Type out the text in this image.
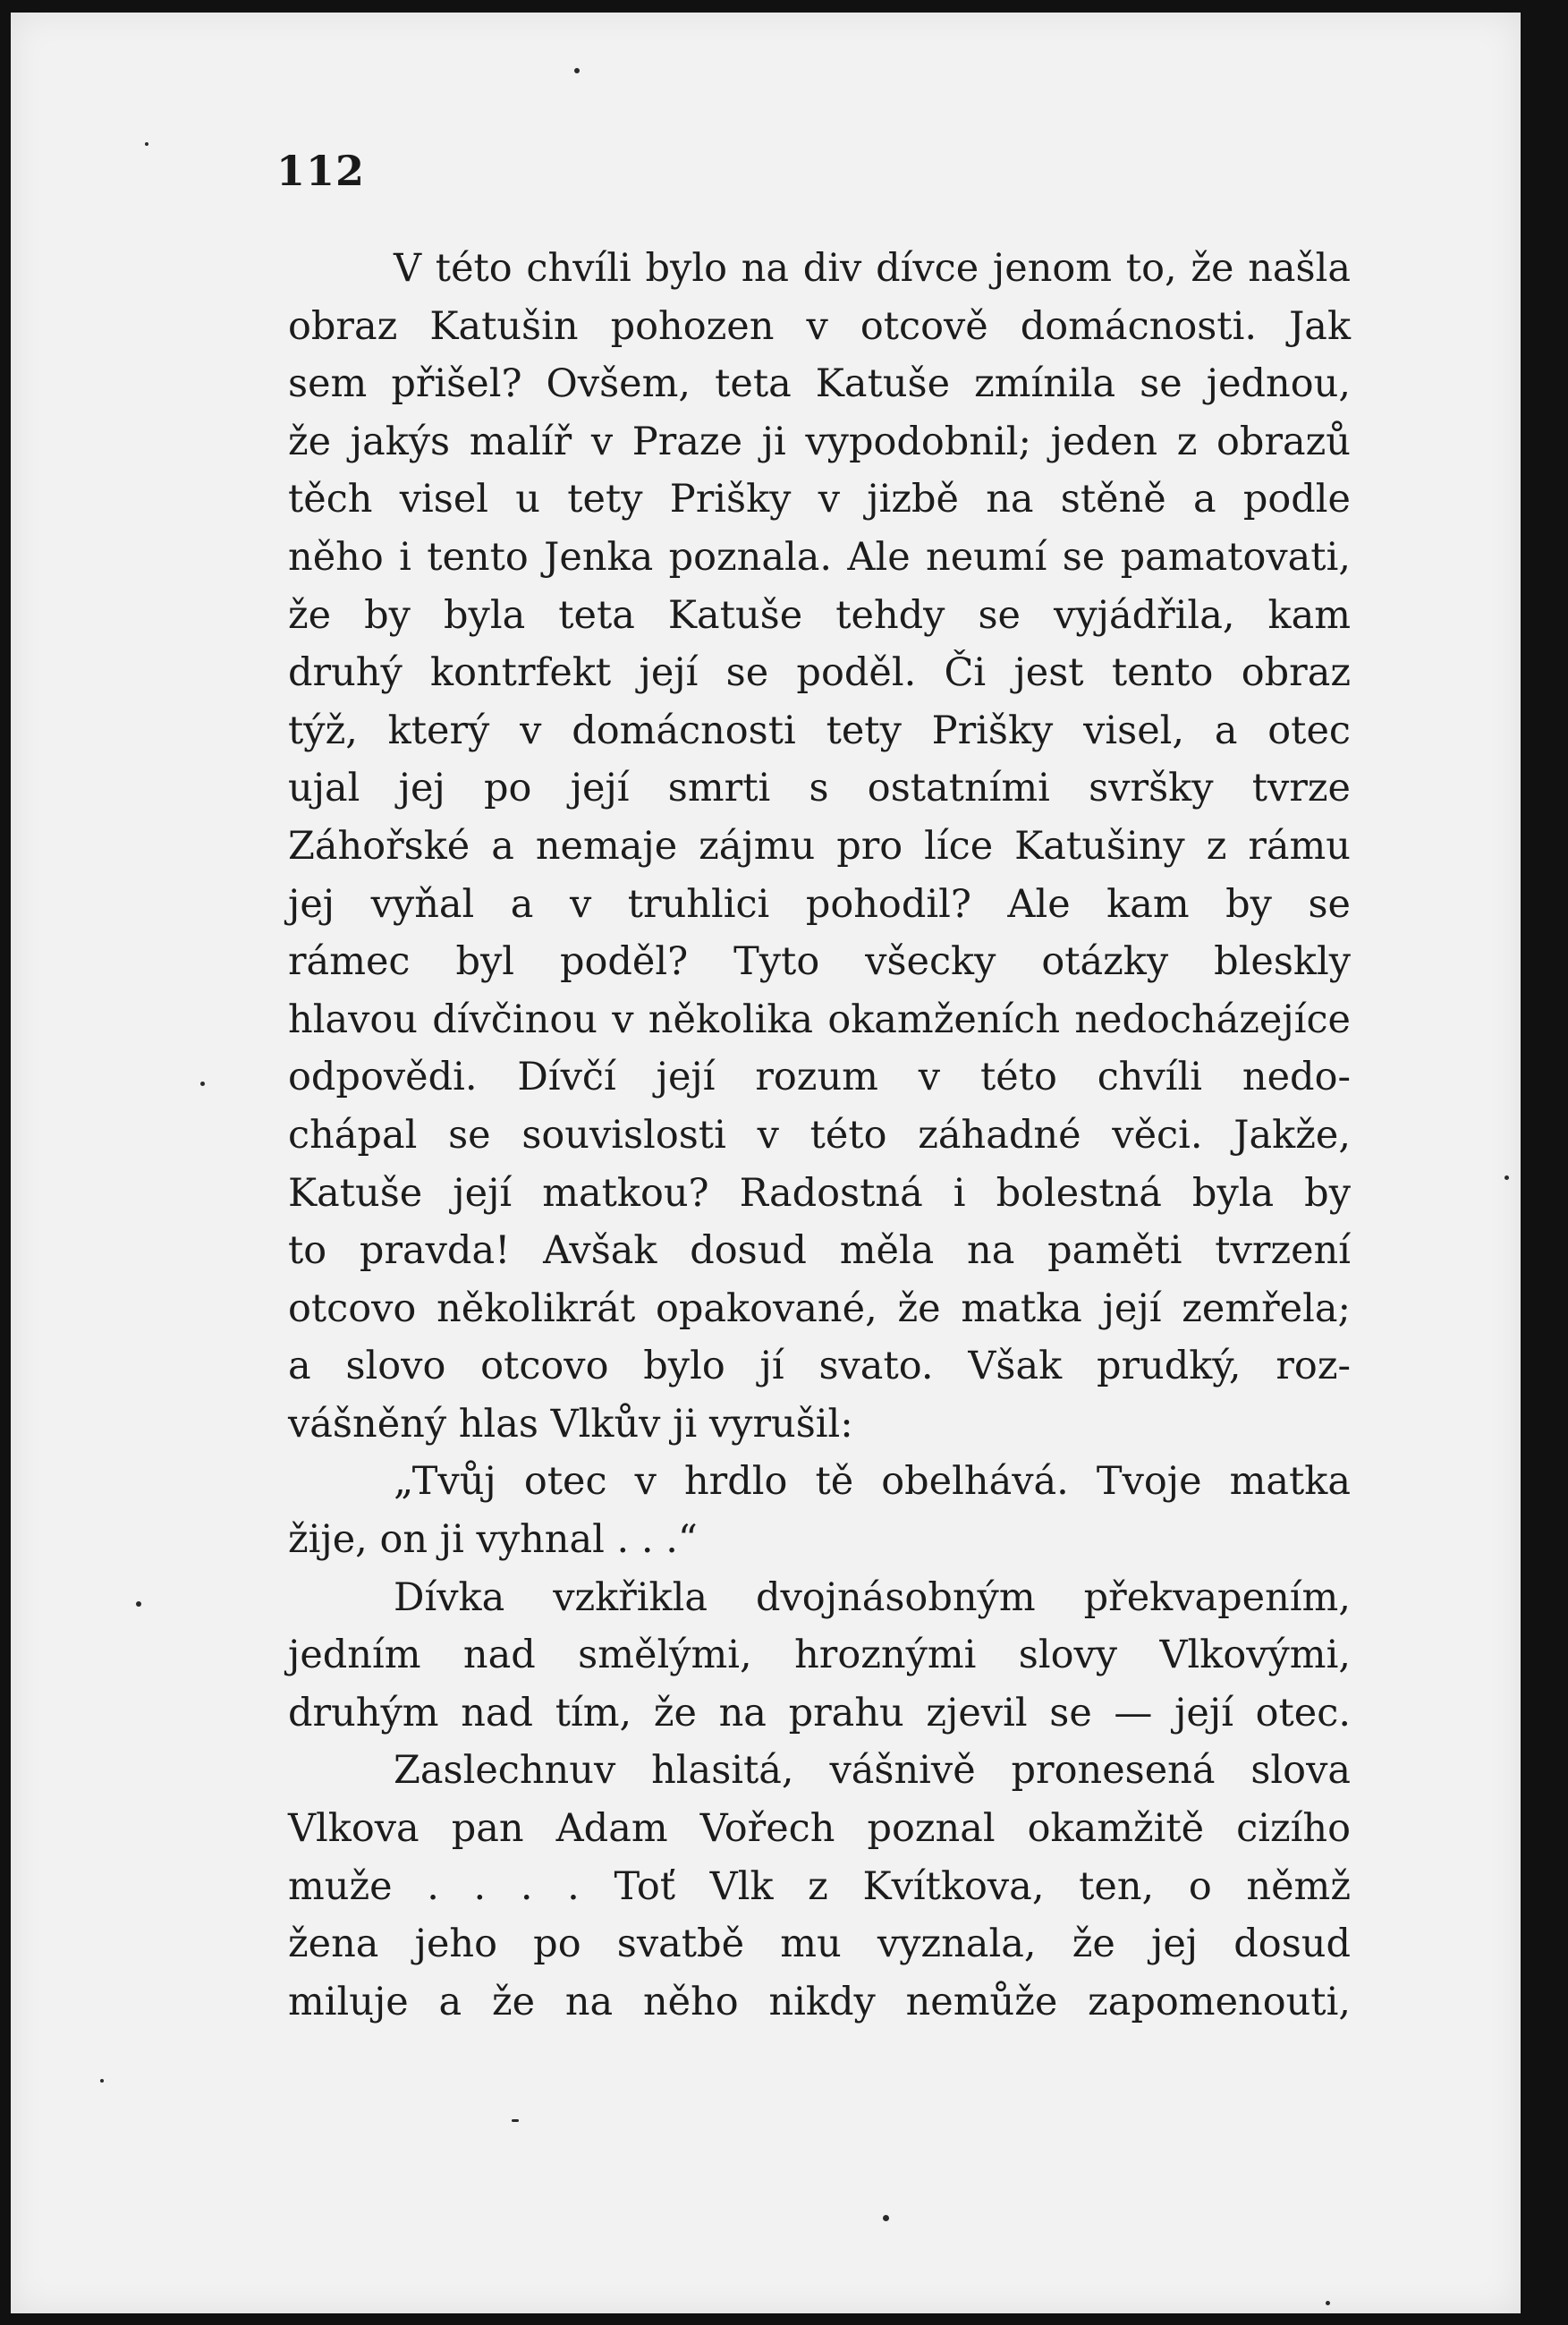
112
V této chvíli bylo na div dívce jenom to, že našla
obraz Katušin pohozen v otcově domácnosti. Jak
sem přišel? Ovšem, teta Katuše zmínila se jednou,
že jakýs malíř v Praze ji vypodobnil; jeden z obrazů
těch visel u tety Prišky v jizbě na stěně a podle
něho i tento Jenka poznala. Ale neumí se pamatovati,
že by byla teta Katuše tehdy se vyjádřila, kam
druhý kontrfekt její se poděl. Či jest tento obraz
týž, který v domácnosti tety Prišky visel, a otec
ujal jej po její smrti s ostatními svršky tvrze
Záhořské a nemaje zájmu pro líce Katušiny z rámu
jej vyňal a v truhlici pohodil? Ale kam by se
rámec byl poděl? Tyto všecky otázky bleskly
hlavou dívčinou v několika okamženích nedocházejíce
odpovědi. Dívčí její rozum v této chvíli nedo-
chápal se souvislosti v této záhadné věci. Jakže,
Katuše její matkou? Radostná i bolestná byla by
to pravda! Avšak dosud měla na paměti tvrzení
otcovo několikrát opakované, že matka její zemřela;
a slovo otcovo bylo jí svato. Však prudký, roz-
vášněný hlas Vlkův ji vyrušil:
„Tvůj otec v hrdlo tě obelhává. Tvoje matka
žije, on ji vyhnal . . .“
Dívka vzkřikla dvojnásobným překvapením,
jedním nad smělými, hroznými slovy Vlkovými,
druhým nad tím, že na prahu zjevil se — její otec.
Zaslechnuv hlasitá, vášnivě pronesená slova
Vlkova pan Adam Vořech poznal okamžitě cizího
muže . . . . Toť Vlk z Kvítkova, ten, o němž
žena jeho po svatbě mu vyznala, že jej dosud
miluje a že na něho nikdy nemůže zapomenouti,
